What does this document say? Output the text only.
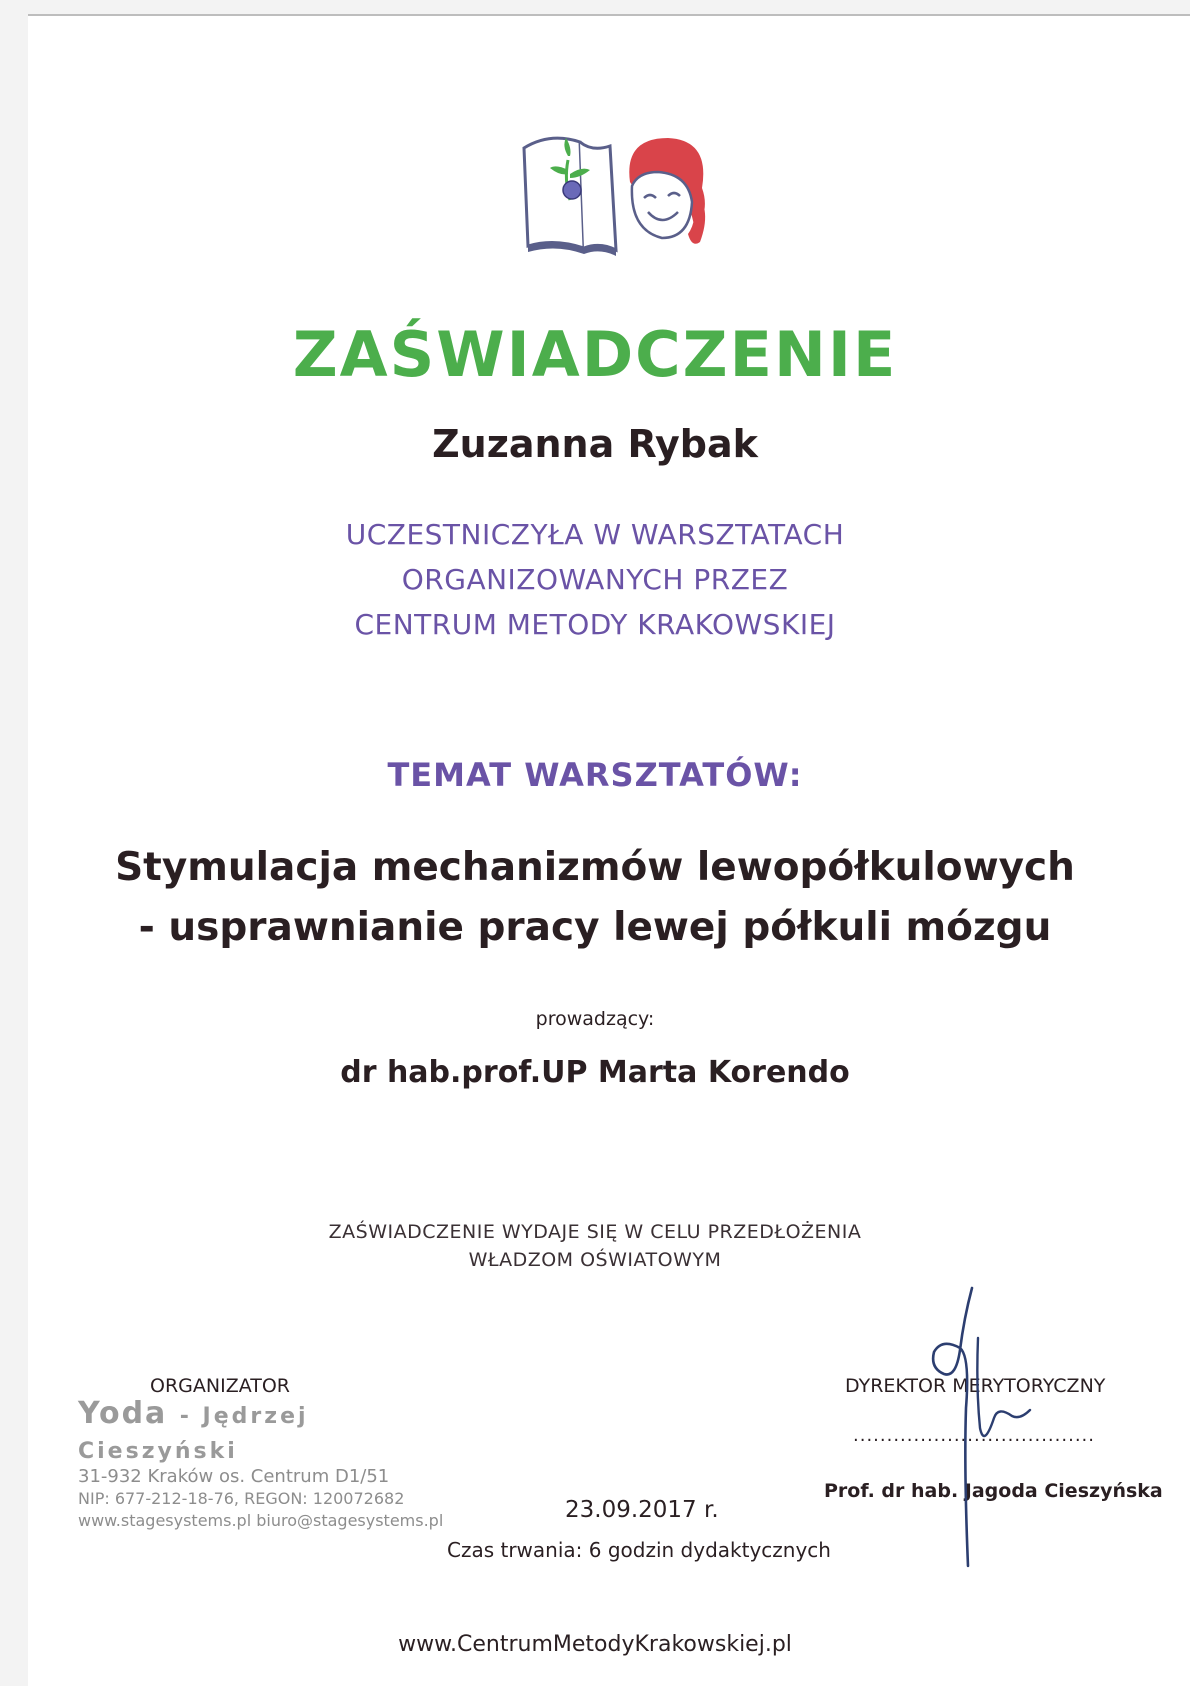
ZAŚWIADCZENIE
Zuzanna Rybak
UCZESTNICZYŁA W WARSZTATACH
ORGANIZOWANYCH PRZEZ
CENTRUM METODY KRAKOWSKIEJ
TEMAT WARSZTATÓW:
Stymulacja mechanizmów lewopółkulowych
- usprawnianie pracy lewej półkuli mózgu
prowadzący:
dr hab.prof.UP Marta Korendo
ZAŚWIADCZENIE WYDAJE SIĘ W CELU PRZEDŁOŻENIA
WŁADZOM OŚWIATOWYM
ORGANIZATOR
Yoda - Jędrzej Cieszyński
31-932 Kraków os. Centrum D1/51
NIP: 677-212-18-76, REGON: 120072682
www.stagesystems.pl biuro@stagesystems.pl
DYREKTOR MERYTORYCZNY
....................................
Prof. dr hab. Jagoda Cieszyńska
23.09.2017 r.
Czas trwania: 6 godzin dydaktycznych
www.CentrumMetodyKrakowskiej.pl
